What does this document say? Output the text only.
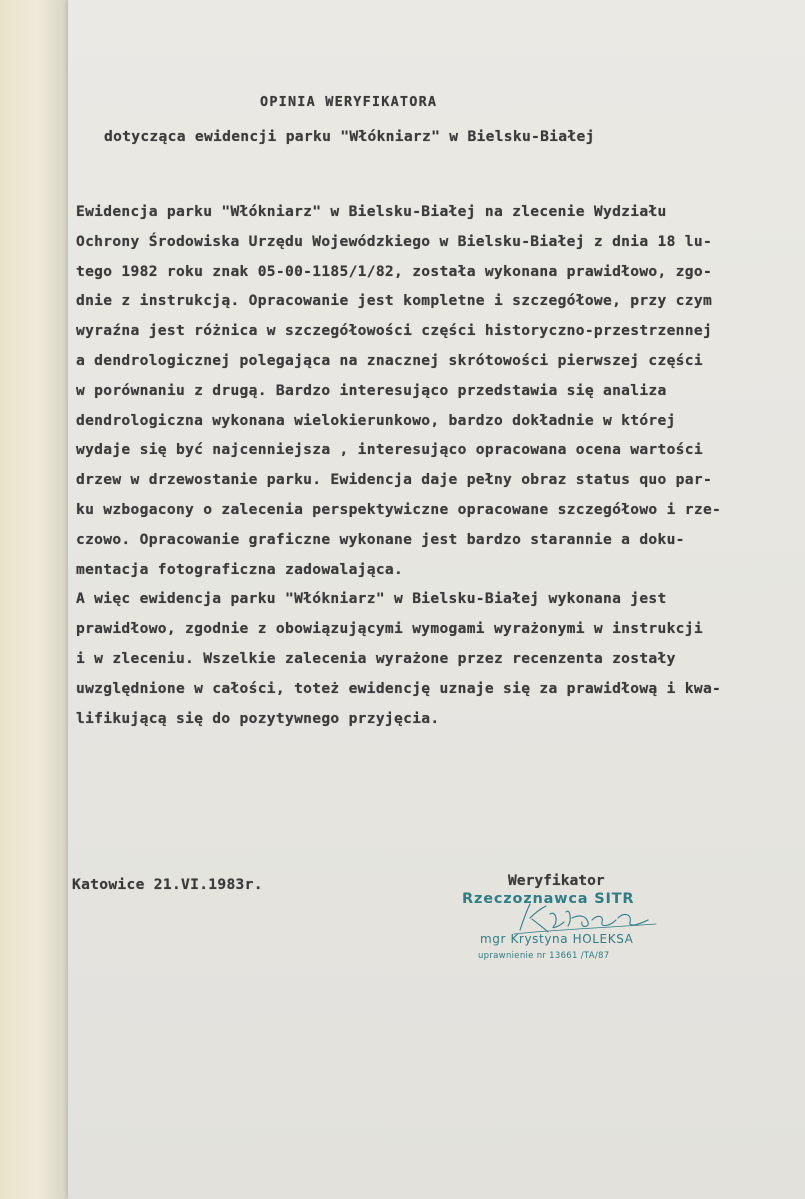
OPINIA WERYFIKATORA
dotycząca ewidencji parku "Włókniarz" w Bielsku-Białej
Ewidencja parku "Włókniarz" w Bielsku-Białej na zlecenie Wydziału
Ochrony Środowiska Urzędu Wojewódzkiego w Bielsku-Białej z dnia 18 lu-
tego 1982 roku znak 05-00-1185/1/82, została wykonana prawidłowo, zgo-
dnie z instrukcją. Opracowanie jest kompletne i szczegółowe, przy czym
wyraźna jest różnica w szczegółowości części historyczno-przestrzennej
a dendrologicznej polegająca na znacznej skrótowości pierwszej części
w porównaniu z drugą. Bardzo interesująco przedstawia się analiza
dendrologiczna wykonana wielokierunkowo, bardzo dokładnie w której
wydaje się być najcenniejsza , interesująco opracowana ocena wartości
drzew w drzewostanie parku. Ewidencja daje pełny obraz status quo par-
ku wzbogacony o zalecenia perspektywiczne opracowane szczegółowo i rze-
czowo. Opracowanie graficzne wykonane jest bardzo starannie a doku-
mentacja fotograficzna zadowalająca.
A więc ewidencja parku "Włókniarz" w Bielsku-Białej wykonana jest
prawidłowo, zgodnie z obowiązującymi wymogami wyrażonymi w instrukcji
i w zleceniu. Wszelkie zalecenia wyrażone przez recenzenta zostały
uwzględnione w całości, toteż ewidencję uznaje się za prawidłową i kwa-
lifikującą się do pozytywnego przyjęcia.
Katowice 21.VI.1983r.	Weryfikator
Rzeczoznawca SITR
mgr Krystyna HOLEKSA
uprawnienie nr 13661 /TA/87
